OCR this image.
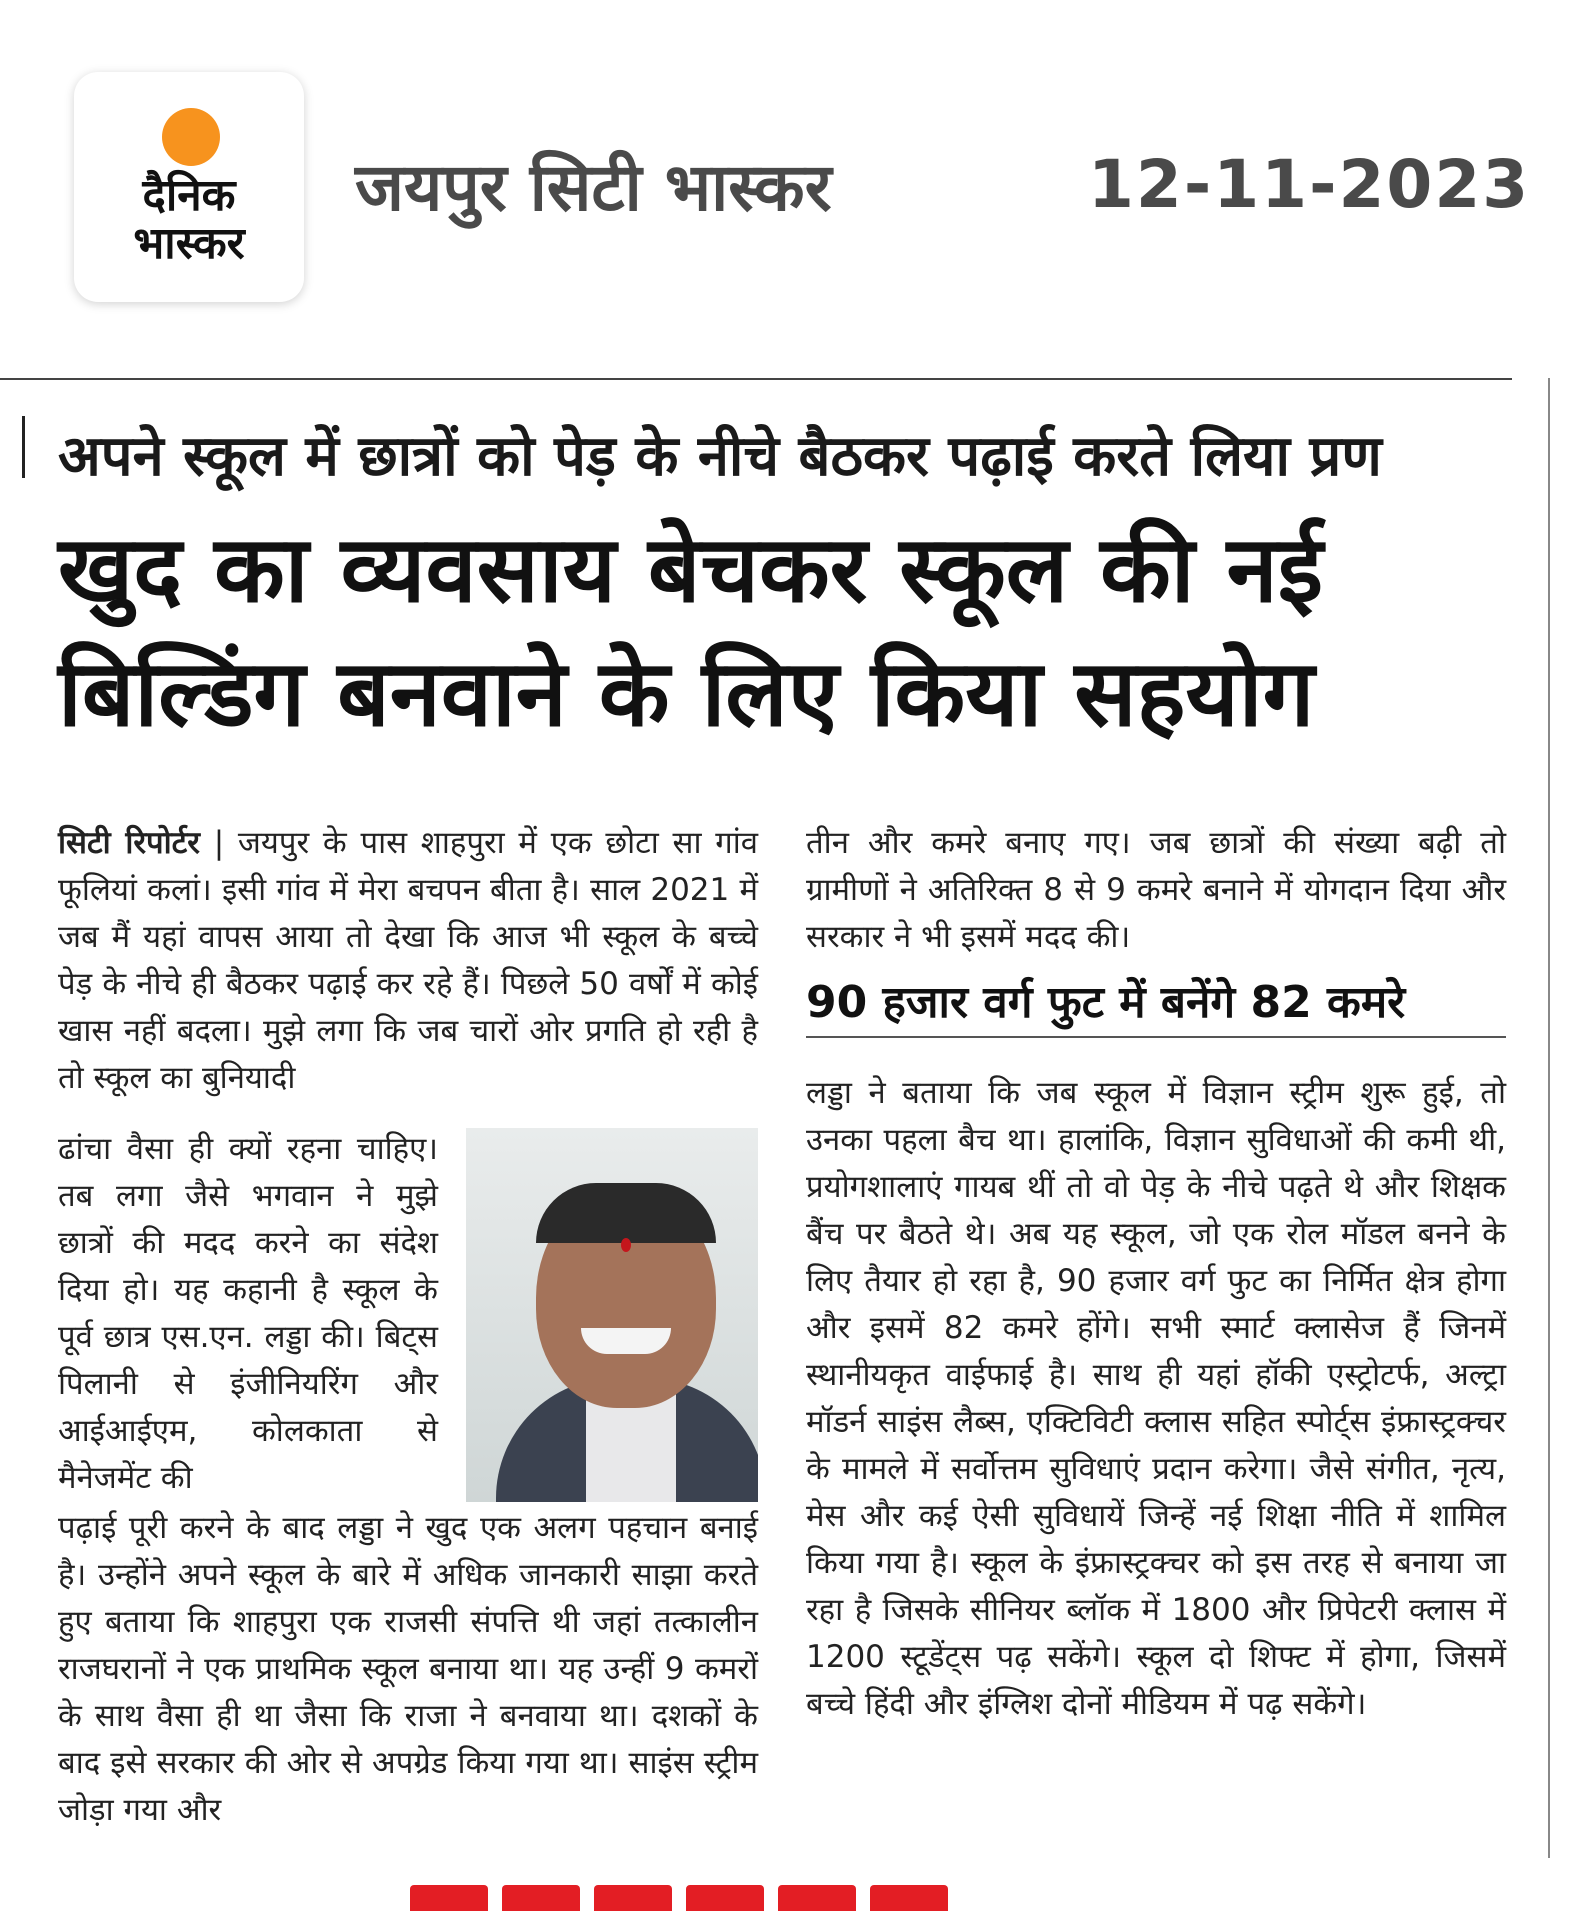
दैनिक भास्कर
जयपुर सिटी भास्कर	12-11-2023
अपने स्कूल में छात्रों को पेड़ के नीचे बैठकर पढ़ाई करते लिया प्रण
खुद का व्यवसाय बेचकर स्कूल की नई बिल्डिंग बनवाने के लिए किया सहयोग

सिटी रिपोर्टर | जयपुर के पास शाहपुरा में एक छोटा सा गांव फूलियां कलां। इसी गांव में मेरा बचपन बीता है। साल 2021 में जब मैं यहां वापस आया तो देखा कि आज भी स्कूल के बच्चे पेड़ के नीचे ही बैठकर पढ़ाई कर रहे हैं। पिछले 50 वर्षों में कोई खास नहीं बदला। मुझे लगा कि जब चारों ओर प्रगति हो रही है तो स्कूल का बुनियादी

ढांचा वैसा ही क्यों रहना चाहिए। तब लगा जैसे भगवान ने मुझे छात्रों की मदद करने का संदेश दिया हो। यह कहानी है स्कूल के पूर्व छात्र एस.एन. लड्डा की। बिट्स पिलानी से इंजीनियरिंग और आईआईएम, कोलकाता से मैनेजमेंट की

पढ़ाई पूरी करने के बाद लड्डा ने खुद एक अलग पहचान बनाई है। उन्होंने अपने स्कूल के बारे में अधिक जानकारी साझा करते हुए बताया कि शाहपुरा एक राजसी संपत्ति थी जहां तत्कालीन राजघरानों ने एक प्राथमिक स्कूल बनाया था। यह उन्हीं 9 कमरों के साथ वैसा ही था जैसा कि राजा ने बनवाया था। दशकों के बाद इसे सरकार की ओर से अपग्रेड किया गया था। साइंस स्ट्रीम जोड़ा गया और

तीन और कमरे बनाए गए। जब छात्रों की संख्या बढ़ी तो ग्रामीणों ने अतिरिक्त 8 से 9 कमरे बनाने में योगदान दिया और सरकार ने भी इसमें मदद की।

90 हजार वर्ग फुट में बनेंगे 82 कमरे

लड्डा ने बताया कि जब स्कूल में विज्ञान स्ट्रीम शुरू हुई, तो उनका पहला बैच था। हालांकि, विज्ञान सुविधाओं की कमी थी, प्रयोगशालाएं गायब थीं तो वो पेड़ के नीचे पढ़ते थे और शिक्षक बैंच पर बैठते थे। अब यह स्कूल, जो एक रोल मॉडल बनने के लिए तैयार हो रहा है, 90 हजार वर्ग फुट का निर्मित क्षेत्र होगा और इसमें 82 कमरे होंगे। सभी स्मार्ट क्लासेज हैं जिनमें स्थानीयकृत वाईफाई है। साथ ही यहां हॉकी एस्ट्रोटर्फ, अल्ट्रा मॉडर्न साइंस लैब्स, एक्टिविटी क्लास सहित स्पोर्ट्स इंफ्रास्ट्रक्चर के मामले में सर्वोत्तम सुविधाएं प्रदान करेगा। जैसे संगीत, नृत्य, मेस और कई ऐसी सुविधायें जिन्हें नई शिक्षा नीति में शामिल किया गया है। स्कूल के इंफ्रास्ट्रक्चर को इस तरह से बनाया जा रहा है जिसके सीनियर ब्लॉक में 1800 और प्रिपेटरी क्लास में 1200 स्टूडेंट्स पढ़ सकेंगे। स्कूल दो शिफ्ट में होगा, जिसमें बच्चे हिंदी और इंग्लिश दोनों मीडियम में पढ़ सकेंगे।
